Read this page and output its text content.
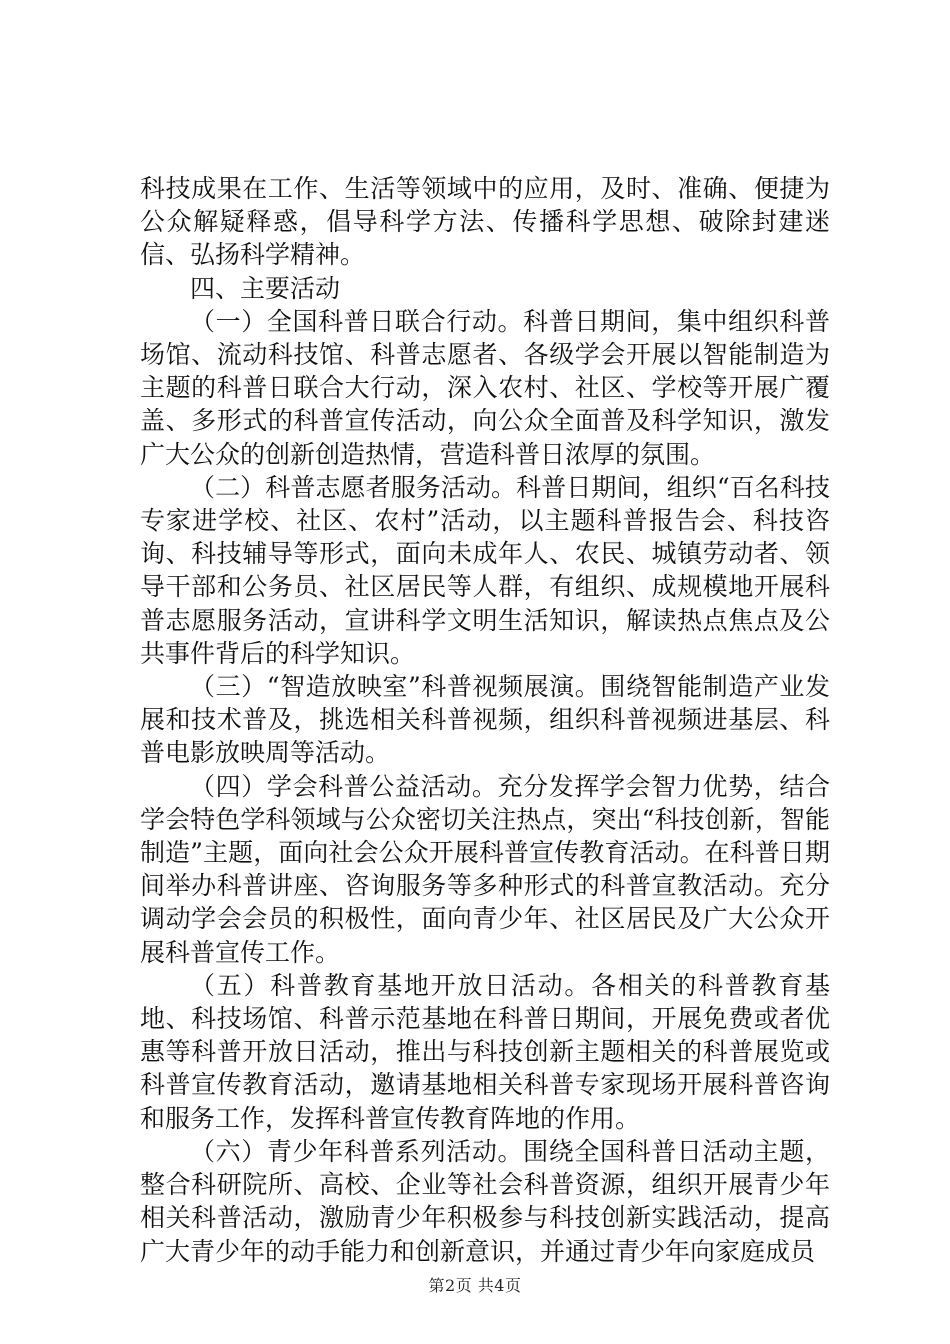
科技成果在工作、生活等领域中的应用，及时、准确、便捷为公众解疑释惑，倡导科学方法、传播科学思想、破除封建迷信、弘扬科学精神。

四、主要活动

（一）全国科普日联合行动。科普日期间，集中组织科普场馆、流动科技馆、科普志愿者、各级学会开展以智能制造为主题的科普日联合大行动，深入农村、社区、学校等开展广覆盖、多形式的科普宣传活动，向公众全面普及科学知识，激发广大公众的创新创造热情，营造科普日浓厚的氛围。

（二）科普志愿者服务活动。科普日期间，组织“百名科技专家进学校、社区、农村”活动，以主题科普报告会、科技咨询、科技辅导等形式，面向未成年人、农民、城镇劳动者、领导干部和公务员、社区居民等人群，有组织、成规模地开展科普志愿服务活动，宣讲科学文明生活知识，解读热点焦点及公共事件背后的科学知识。

（三）“智造放映室”科普视频展演。围绕智能制造产业发展和技术普及，挑选相关科普视频，组织科普视频进基层、科普电影放映周等活动。

（四）学会科普公益活动。充分发挥学会智力优势，结合学会特色学科领域与公众密切关注热点，突出“科技创新，智能制造”主题，面向社会公众开展科普宣传教育活动。在科普日期间举办科普讲座、咨询服务等多种形式的科普宣教活动。充分调动学会会员的积极性，面向青少年、社区居民及广大公众开展科普宣传工作。

（五）科普教育基地开放日活动。各相关的科普教育基地、科技场馆、科普示范基地在科普日期间，开展免费或者优惠等科普开放日活动，推出与科技创新主题相关的科普展览或科普宣传教育活动，邀请基地相关科普专家现场开展科普咨询和服务工作，发挥科普宣传教育阵地的作用。

（六）青少年科普系列活动。围绕全国科普日活动主题，整合科研院所、高校、企业等社会科普资源，组织开展青少年相关科普活动，激励青少年积极参与科技创新实践活动，提高广大青少年的动手能力和创新意识，并通过青少年向家庭成员

第2页 共4页
